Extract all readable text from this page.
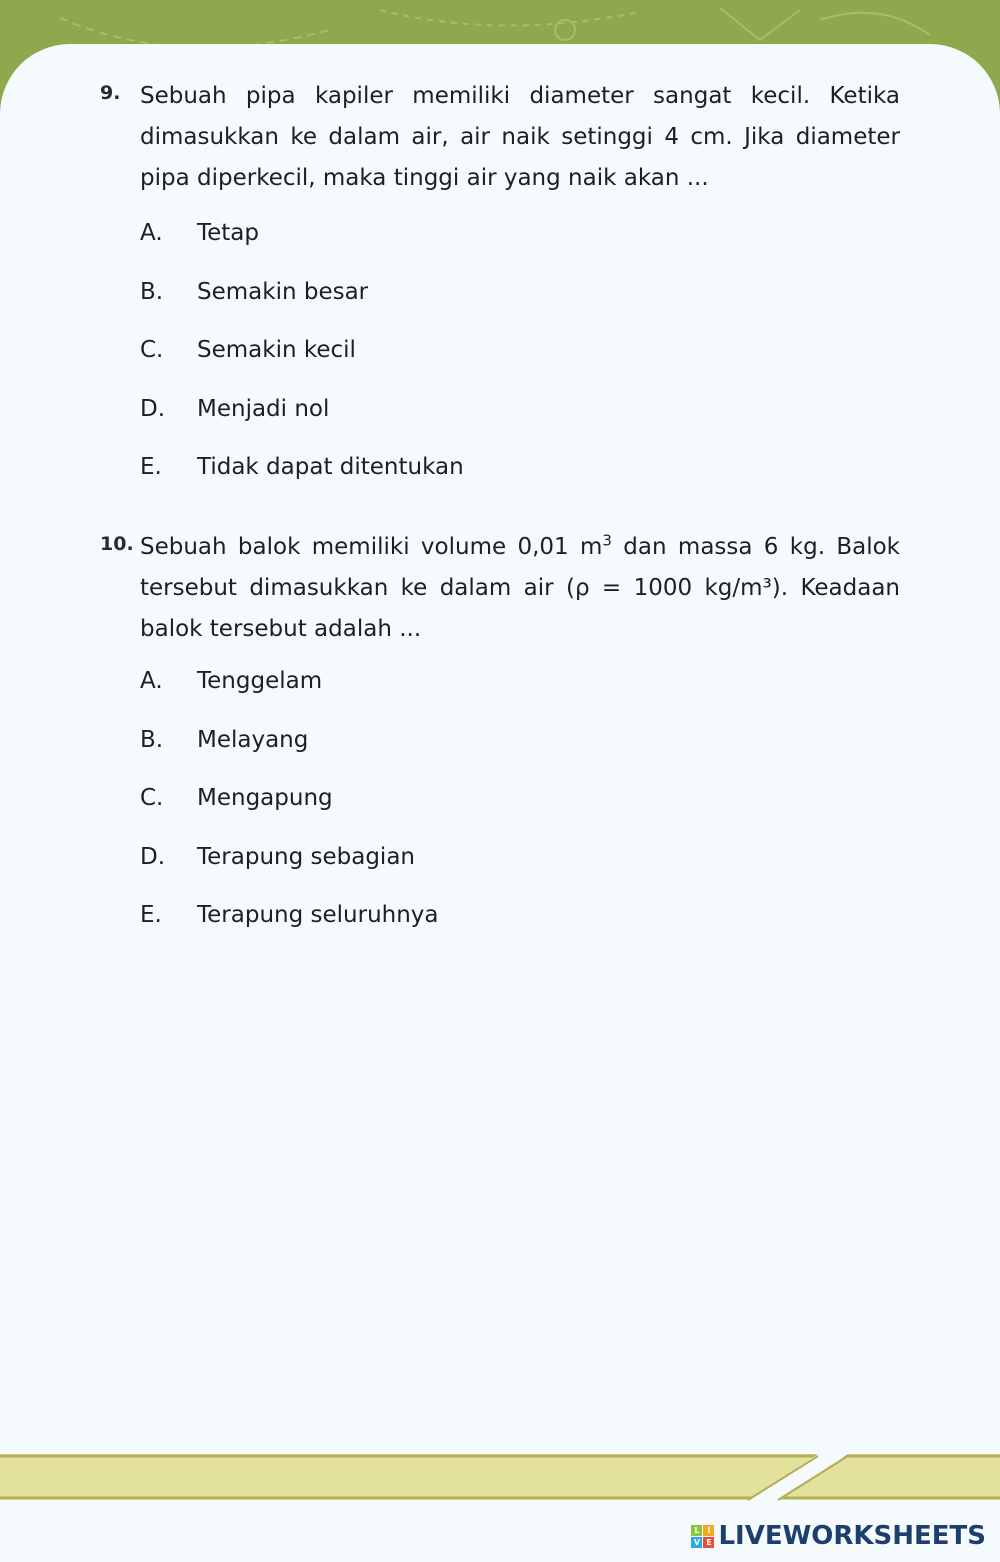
9. Sebuah pipa kapiler memiliki diameter sangat kecil. Ketika dimasukkan ke dalam air, air naik setinggi 4 cm. Jika diameter pipa diperkecil, maka tinggi air yang naik akan ...

A.	Tetap
B.	Semakin besar
C.	Semakin kecil
D.	Menjadi nol
E.	Tidak dapat ditentukan
10. Sebuah balok memiliki volume 0,01 $m^3$ dan massa 6 kg. Balok tersebut dimasukkan ke dalam air (ρ = 1000 kg/m³). Keadaan balok tersebut adalah ...

A.	Tenggelam
B.	Melayang
C.	Mengapung
D.	Terapung sebagian
E.	Terapung seluruhnya
L I
V E LIVEWORKSHEETS
